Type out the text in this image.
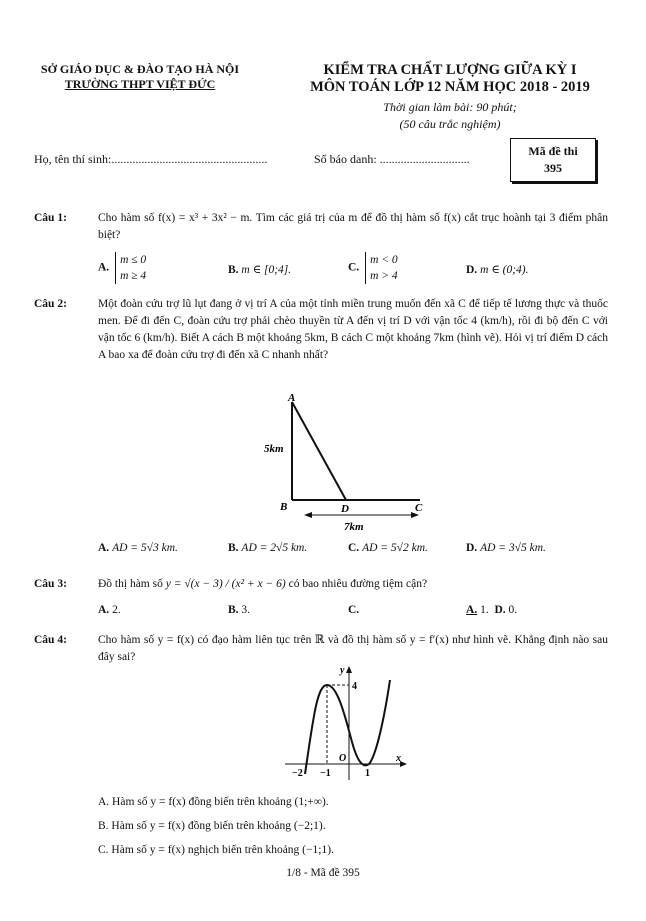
SỞ GIÁO DỤC & ĐÀO TẠO HÀ NỘI
TRƯỜNG THPT VIỆT ĐỨC
KIỂM TRA CHẤT LƯỢNG GIỮA KỲ I
MÔN TOÁN LỚP 12 NĂM HỌC 2018 - 2019
Thời gian làm bài: 90 phút;
(50 câu trắc nghiệm)
Họ, tên thí sinh:....................................................	Số báo danh: ..............................
Mã đề thi
395
Câu 1:	Cho hàm số f(x) = x³ + 3x² − m. Tìm các giá trị của m để đồ thị hàm số f(x) cắt trục hoành tại 3 điểm phân biệt?
A.
m ≤ 0
m ≥ 4	B. m ∈ [0;4].	C.
m < 0
m > 4	D. m ∈ (0;4).
Câu 2:	Một đoàn cứu trợ lũ lụt đang ở vị trí A của một tỉnh miền trung muốn đến xã C để tiếp tế lương thực và thuốc men. Để đi đến C, đoàn cứu trợ phải chèo thuyền từ A đến vị trí D với vận tốc 4 (km/h), rồi đi bộ đến C với vận tốc 6 (km/h). Biết A cách B một khoảng 5km, B cách C một khoảng 7km (hình vẽ). Hỏi vị trí điểm D cách A bao xa để đoàn cứu trợ đi đến xã C nhanh nhất?
A
B	C
D
5km
7km
A. AD = 5√3 km.	B. AD = 2√5 km.	C. AD = 5√2 km.	D. AD = 3√5 km.
Câu 3:	Đồ thị hàm số y = √(x − 3) / (x² + x − 6) có bao nhiêu đường tiệm cận?
A. 2.	B. 3.	C.	A. 1. D. 0.
Câu 4:	Cho hàm số y = f(x) có đạo hàm liên tục trên ℝ và đồ thị hàm số y = f′(x) như hình vẽ. Khẳng định nào sau đây sai?
y
x
O
4
−2 −1	1
A. Hàm số y = f(x) đồng biến trên khoảng (1;+∞).
B. Hàm số y = f(x) đồng biến trên khoảng (−2;1).
C. Hàm số y = f(x) nghịch biến trên khoảng (−1;1).
1/8 - Mã đề 395
